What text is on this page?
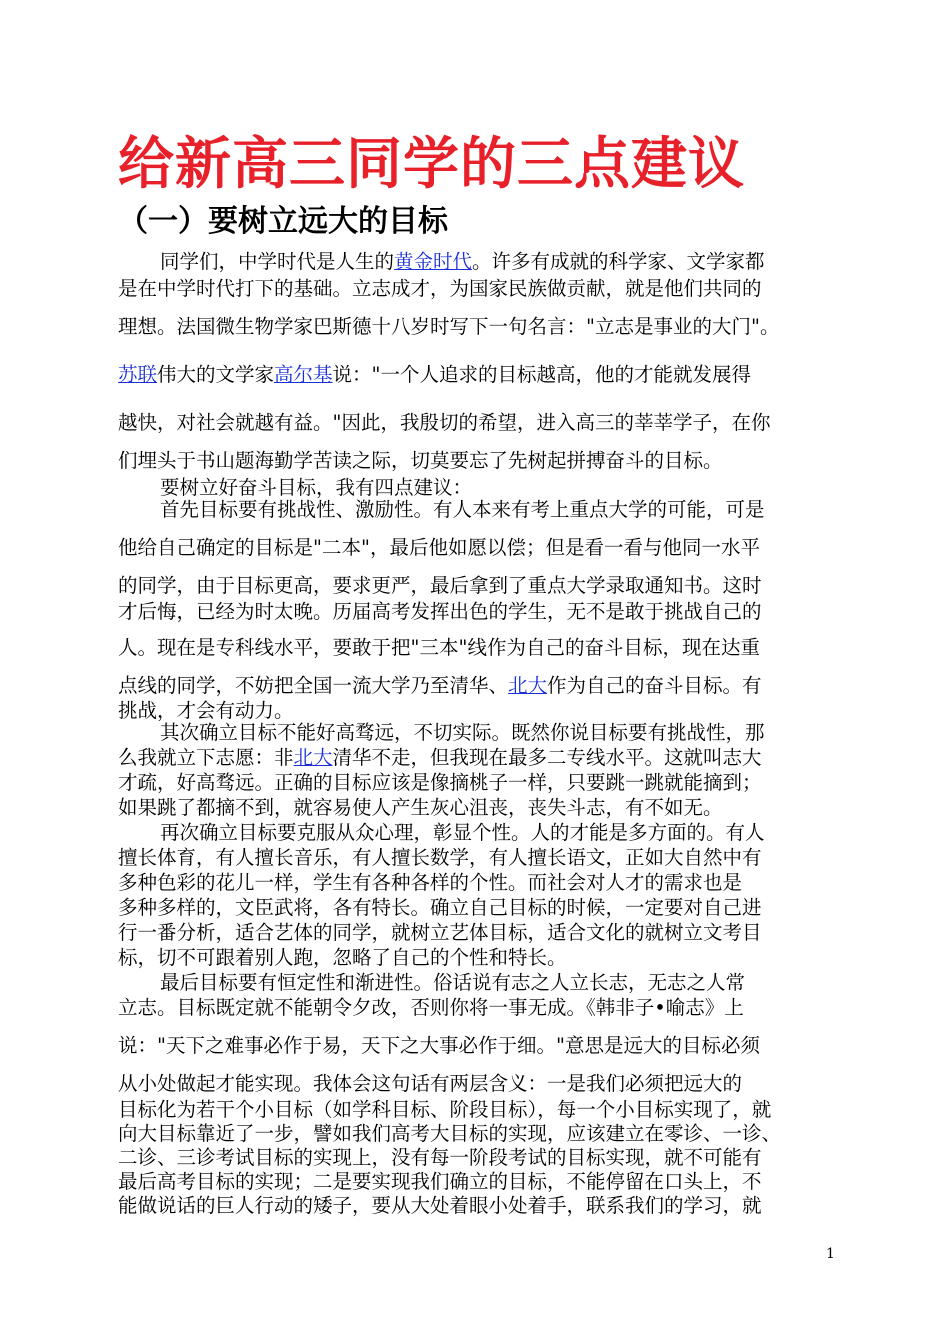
给新高三同学的三点建议
（一）要树立远大的目标

同学们，中学时代是人生的黄金时代。许多有成就的科学家、文学家都

是在中学时代打下的基础。立志成才，为国家民族做贡献，就是他们共同的

理想。法国微生物学家巴斯德十八岁时写下一句名言："立志是事业的大门"。

苏联伟大的文学家高尔基说："一个人追求的目标越高，他的才能就发展得

越快，对社会就越有益。"因此，我殷切的希望，进入高三的莘莘学子，在你

们埋头于书山题海勤学苦读之际，切莫要忘了先树起拼搏奋斗的目标。

要树立好奋斗目标，我有四点建议：

首先目标要有挑战性、激励性。有人本来有考上重点大学的可能，可是

他给自己确定的目标是"二本"，最后他如愿以偿；但是看一看与他同一水平

的同学，由于目标更高，要求更严，最后拿到了重点大学录取通知书。这时

才后悔，已经为时太晚。历届高考发挥出色的学生，无不是敢于挑战自己的

人。现在是专科线水平，要敢于把"三本"线作为自己的奋斗目标，现在达重

点线的同学，不妨把全国一流大学乃至清华、北大作为自己的奋斗目标。有

挑战，才会有动力。

其次确立目标不能好高骛远，不切实际。既然你说目标要有挑战性，那

么我就立下志愿：非北大清华不走，但我现在最多二专线水平。这就叫志大

才疏，好高骛远。正确的目标应该是像摘桃子一样，只要跳一跳就能摘到；

如果跳了都摘不到，就容易使人产生灰心沮丧，丧失斗志，有不如无。

再次确立目标要克服从众心理，彰显个性。人的才能是多方面的。有人

擅长体育，有人擅长音乐，有人擅长数学，有人擅长语文，正如大自然中有

多种色彩的花儿一样，学生有各种各样的个性。而社会对人才的需求也是

多种多样的，文臣武将，各有特长。确立自己目标的时候，一定要对自己进

行一番分析，适合艺体的同学，就树立艺体目标，适合文化的就树立文考目

标，切不可跟着别人跑，忽略了自己的个性和特长。

最后目标要有恒定性和渐进性。俗话说有志之人立长志，无志之人常

立志。目标既定就不能朝令夕改，否则你将一事无成。《韩非子•喻志》上

说："天下之难事必作于易，天下之大事必作于细。"意思是远大的目标必须

从小处做起才能实现。我体会这句话有两层含义：一是我们必须把远大的

目标化为若干个小目标（如学科目标、阶段目标），每一个小目标实现了，就

向大目标靠近了一步，譬如我们高考大目标的实现，应该建立在零诊、一诊、

二诊、三诊考试目标的实现上，没有每一阶段考试的目标实现，就不可能有

最后高考目标的实现；二是要实现我们确立的目标，不能停留在口头上，不

能做说话的巨人行动的矮子，要从大处着眼小处着手，联系我们的学习，就

1
